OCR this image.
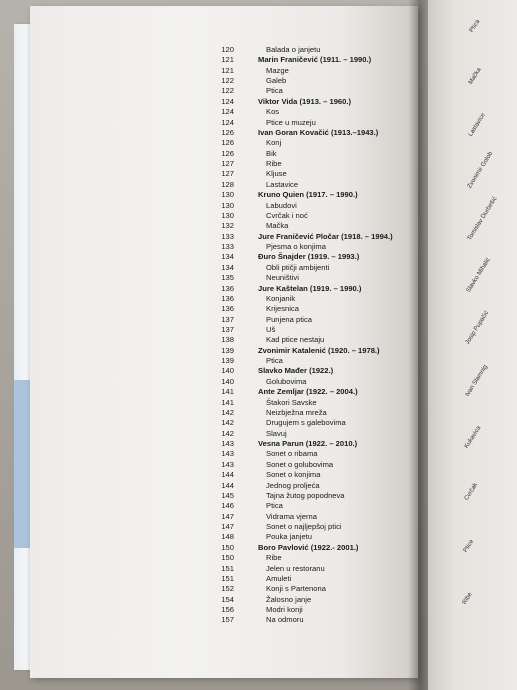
120	Balada o janjetu
121	Marin Franičević (1911. – 1990.)
121	Mazge
122	Galeb
122	Ptica
124	Viktor Vida (1913. – 1960.)
124	Kos
124	Ptice u muzeju
126	Ivan Goran Kovačić (1913.–1943.)
126	Konj
126	Bik
127	Ribe
127	Kljuse
128	Lastavice
130	Kruno Quien (1917. – 1990.)
130	Labudovi
130	Cvrčak i noć
132	Mačka
133	Jure Franičević Pločar (1918. – 1994.)
133	Pjesma o konjima
134	Đuro Šnajder (1919. – 1993.)
134	Obli ptičji ambijenti
135	Neuništivi
136	Jure Kaštelan (1919. – 1990.)
136	Konjanik
136	Krijesnica
137	Punjena ptica
137	Uš
138	Kad ptice nestaju
139	Zvonimir Katalenić (1920. – 1978.)
139	Ptica
140	Slavko Mađer (1922.)
140	Golubovima
141	Ante Zemljar (1922. – 2004.)
141	Štakori Savske
142	Neizbježna mreža
142	Drugujem s galebovima
142	Slavuj
143	Vesna Parun (1922. – 2010.)
143	Sonet o ribama
143	Sonet o golubovima
144	Sonet o konjima
144	Jednog proljeća
145	Tajna žutog popodneva
146	Ptica
147	Vidrama vjerna
147	Sonet o najljepšoj ptici
148	Pouka janjetu
150	Boro Pavlović (1922.- 2001.)
150	Ribe
151	Jelen u restoranu
151	Amuleti
152	Konji s Partenona
154	Žalosno janje
156	Modri konji
157	Na odmoru
Ptica
Mačka
Lastavice
Zvonimir Golob
Tomislav Durbešić
Slavko Mihalić
Josip Pupačić
Ivan Slamnig
Kukavica
Cvrčak
Ptice
Ribe
